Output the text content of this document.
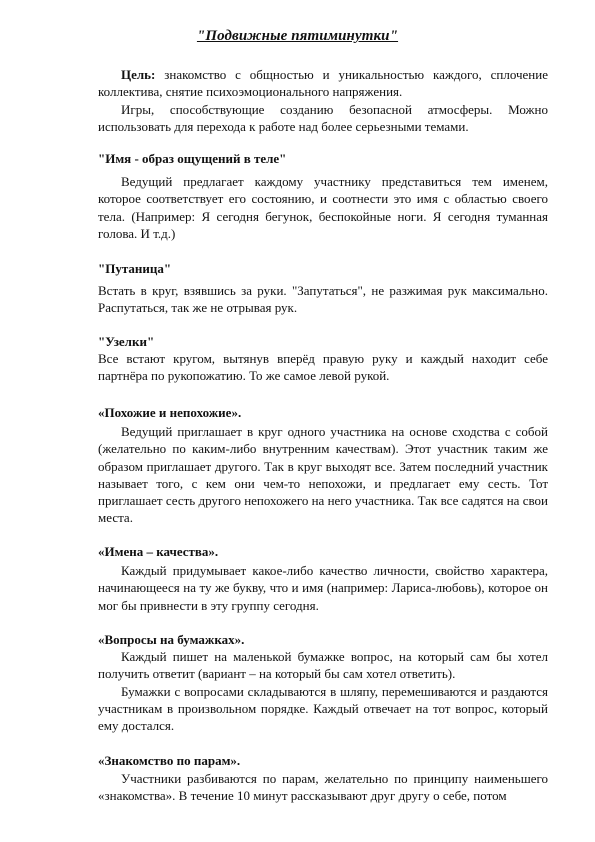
"Подвижные пятиминутки"

Цель: знакомство с общностью и уникальностью каждого, сплочение коллектива, снятие психоэмоционального напряжения.

Игры, способствующие созданию безопасной атмосферы. Можно использовать для перехода к работе над более серьезными темами.

"Имя - образ ощущений в теле"

Ведущий предлагает каждому участнику представиться тем именем, которое соответствует его состоянию, и соотнести это имя с областью своего тела. (Например: Я сегодня бегунок, беспокойные ноги. Я сегодня туманная голова. И т.д.)

"Путаница"

Встать в круг, взявшись за руки. "Запутаться", не разжимая рук максимально. Распутаться, так же не отрывая рук.

"Узелки"

Все встают кругом, вытянув вперёд правую руку и каждый находит себе партнёра по рукопожатию. То же самое левой рукой.

«Похожие и непохожие».

Ведущий приглашает в круг одного участника на основе сходства с собой (желательно по каким-либо внутренним качествам). Этот участник таким же образом приглашает другого. Так в круг выходят все. Затем последний участник называет того, с кем они чем-то непохожи, и предлагает ему сесть. Тот приглашает сесть другого непохожего на него участника. Так все садятся на свои места.

«Имена – качества».

Каждый придумывает какое-либо качество личности, свойство характера, начинающееся на ту же букву, что и имя (например: Лариса-любовь), которое он мог бы привнести в эту группу сегодня.

«Вопросы на бумажках».

Каждый пишет на маленькой бумажке вопрос, на который сам бы хотел получить ответит (вариант – на который бы сам хотел ответить).

Бумажки с вопросами складываются в шляпу, перемешиваются и раздаются участникам в произвольном порядке. Каждый отвечает на тот вопрос, который ему достался.

«Знакомство по парам».

Участники разбиваются по парам, желательно по принципу наименьшего «знакомства». В течение 10 минут рассказывают друг другу о себе, потом
